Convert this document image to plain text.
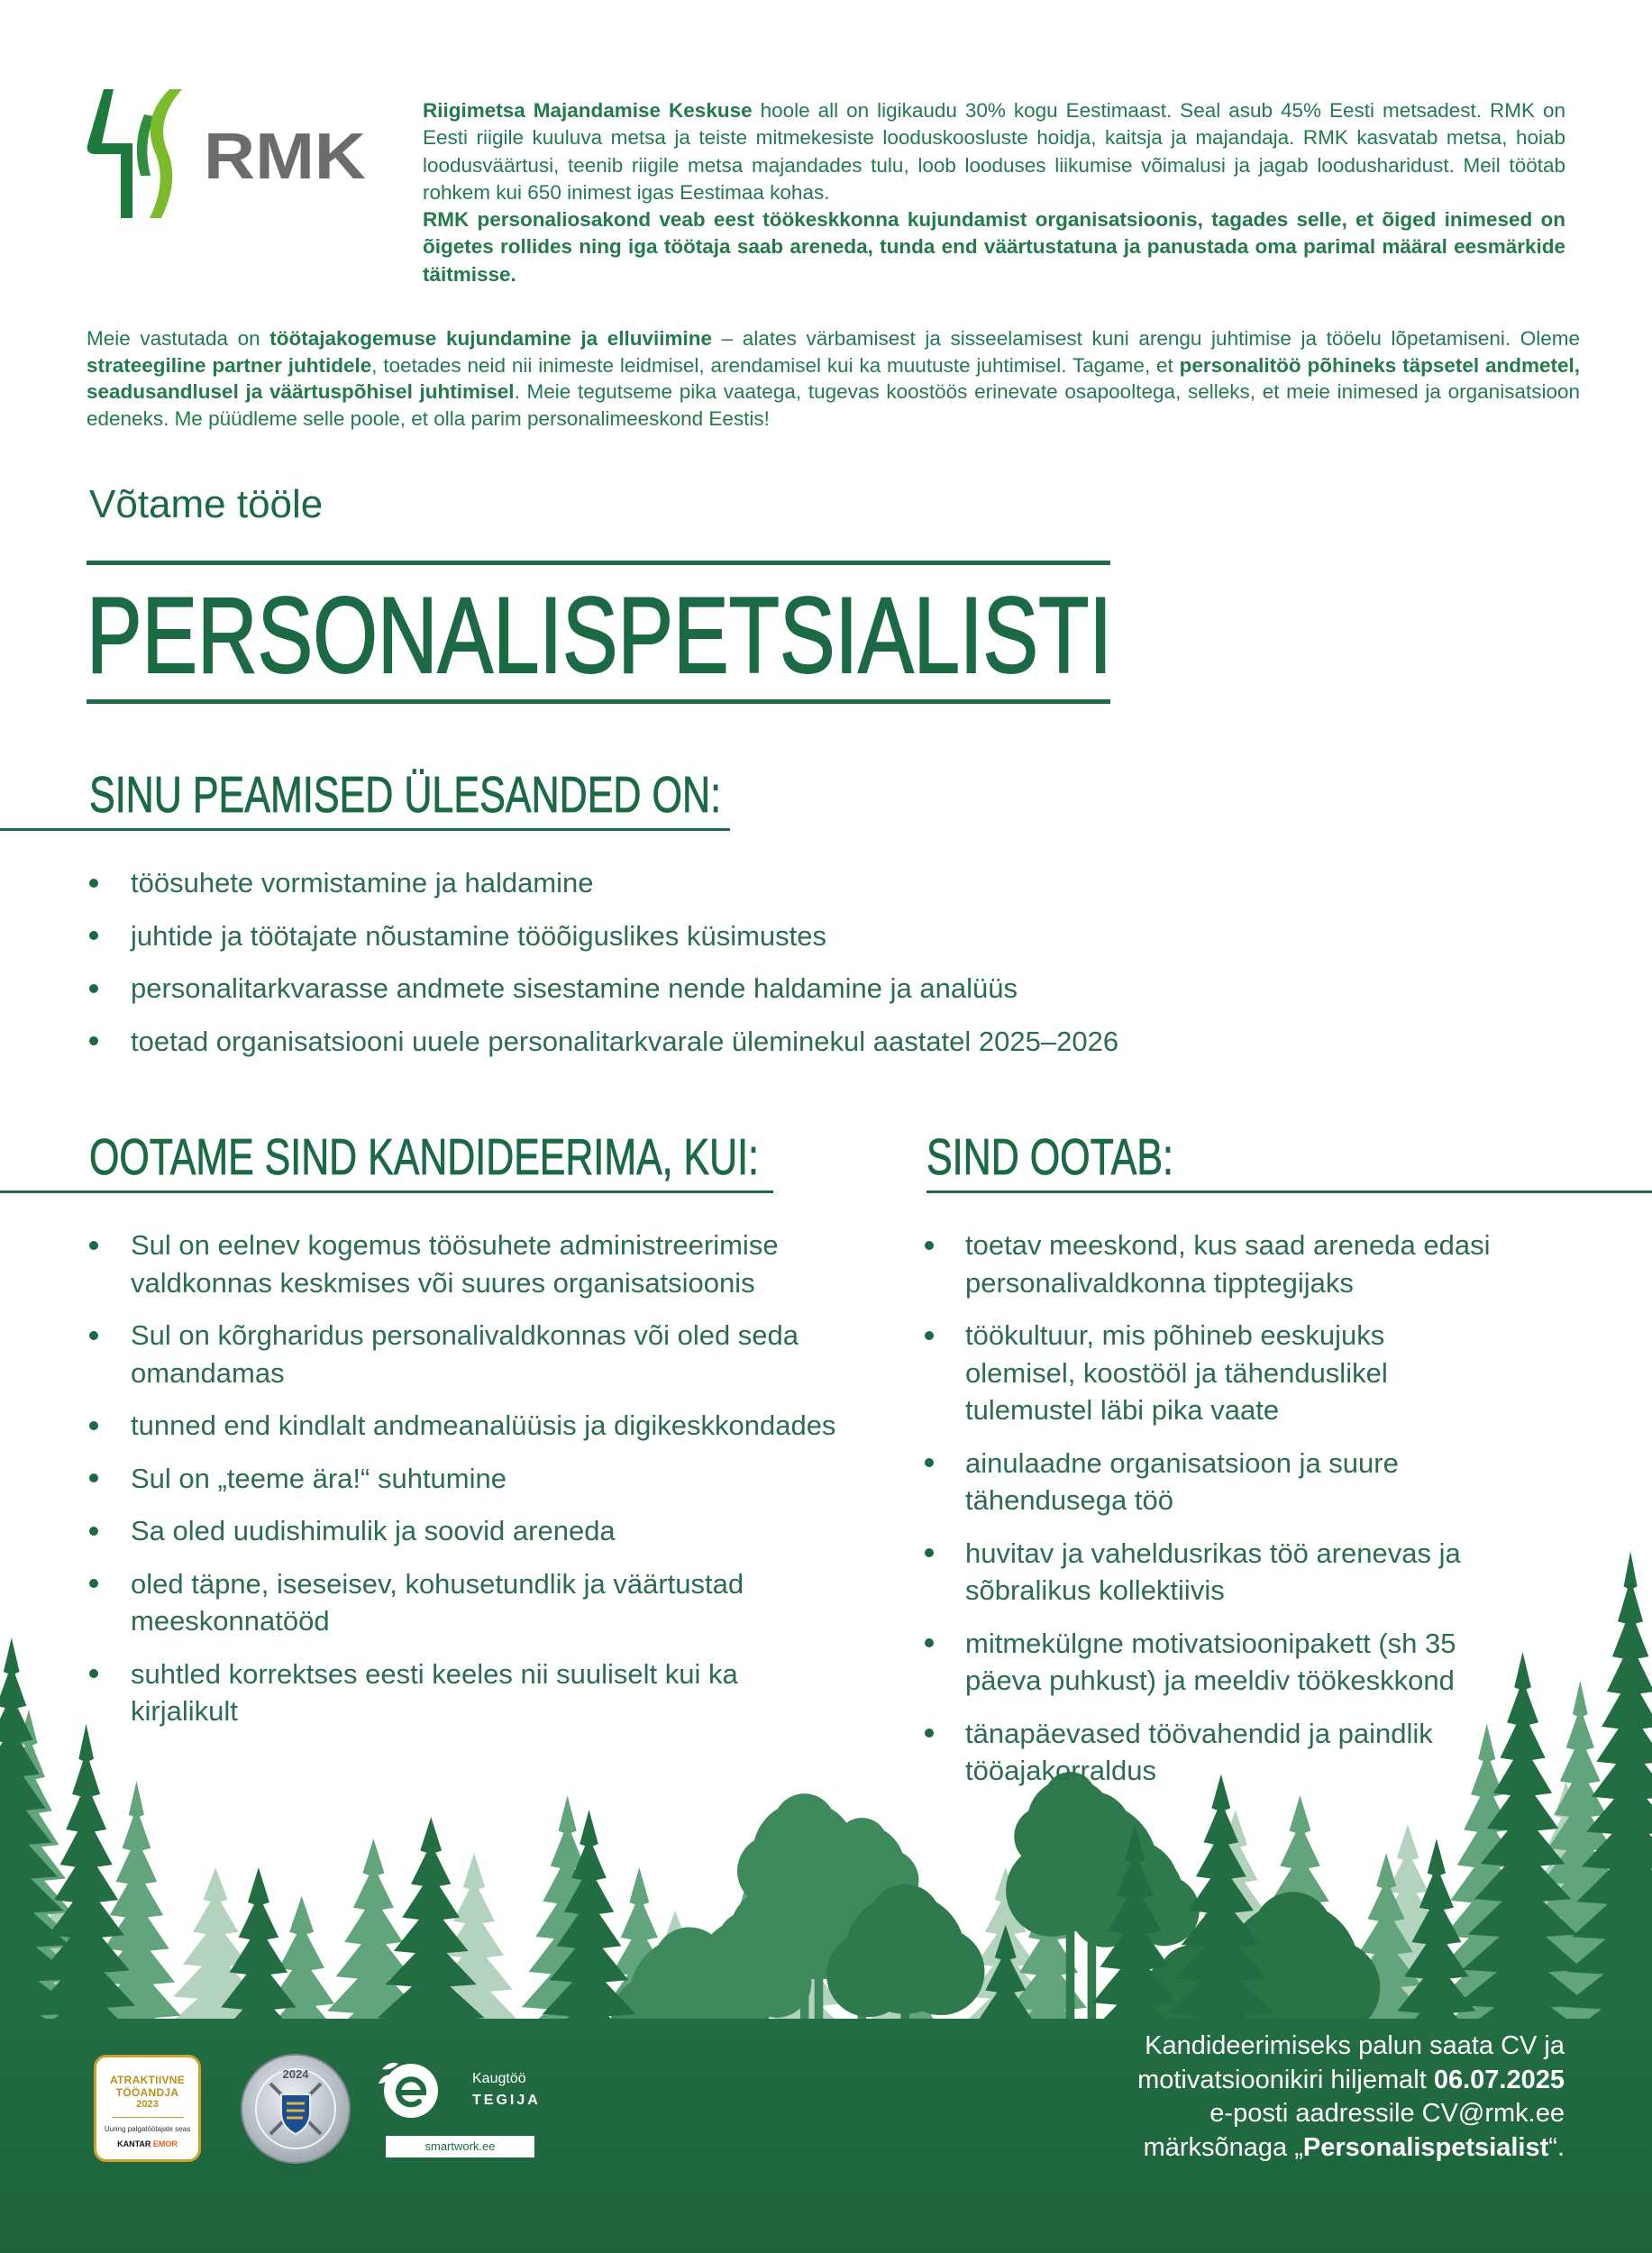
RMK

Riigimetsa Majandamise Keskuse hoole all on ligikaudu 30% kogu Eestimaast. Seal asub 45% Eesti metsadest. RMK on Eesti riigile kuuluva metsa ja teiste mitmekesiste looduskoosluste hoidja, kaitsja ja majandaja. RMK kasvatab metsa, hoiab loodusväärtusi, teenib riigile metsa majandades tulu, loob looduses liikumise võimalusi ja jagab loodusharidust. Meil töötab rohkem kui 650 inimest igas Eestimaa kohas.

RMK personaliosakond veab eest töökeskkonna kujundamist organisatsioonis, tagades selle, et õiged inimesed on õigetes rollides ning iga töötaja saab areneda, tunda end väärtustatuna ja panustada oma parimal määral eesmärkide täitmisse.

Meie vastutada on töötajakogemuse kujundamine ja elluviimine – alates värbamisest ja sisseelamisest kuni arengu juhtimise ja tööelu lõpetamiseni. Oleme strateegiline partner juhtidele, toetades neid nii inimeste leidmisel, arendamisel kui ka muutuste juhtimisel. Tagame, et personalitöö põhineks täpsetel andmetel, seadusandlusel ja väärtuspõhisel juhtimisel. Meie tegutseme pika vaatega, tugevas koostöös erinevate osapooltega, selleks, et meie inimesed ja organisatsioon edeneks. Me püüdleme selle poole, et olla parim personalimeeskond Eestis!

Võtame tööle
PERSONALISPETSIALISTI
SINU PEAMISED ÜLESANDED ON:
töösuhete vormistamine ja haldamine
juhtide ja töötajate nõustamine tööõiguslikes küsimustes
personalitarkvarasse andmete sisestamine nende haldamine ja analüüs
toetad organisatsiooni uuele personalitarkvarale üleminekul aastatel 2025–2026
OOTAME SIND KANDIDEERIMA, KUI:
Sul on eelnev kogemus töösuhete administreerimise
valdkonnas keskmises või suures organisatsioonis
Sul on kõrgharidus personalivaldkonnas või oled seda
omandamas
tunned end kindlalt andmeanalüüsis ja digikeskkondades
Sul on „teeme ära!“ suhtumine
Sa oled uudishimulik ja soovid areneda
oled täpne, iseseisev, kohusetundlik ja väärtustad
meeskonnatööd
suhtled korrektses eesti keeles nii suuliselt kui ka
kirjalikult
SIND OOTAB:
toetav meeskond, kus saad areneda edasi
personalivaldkonna tipptegijaks
töökultuur, mis põhineb eeskujuks
olemisel, koostööl ja tähenduslikel
tulemustel läbi pika vaate
ainulaadne organisatsioon ja suure
tähendusega töö
huvitav ja vaheldusrikas töö arenevas ja
sõbralikus kollektiivis
mitmekülgne motivatsioonipakett (sh 35
päeva puhkust) ja meeldiv töökeskkond
tänapäevased töövahendid ja paindlik
tööajakorraldus
Kandideerimiseks palun saata CV ja
motivatsioonikiri hiljemalt 06.07.2025
e-posti aadressile CV@rmk.ee
märksõnaga „Personalispetsialist“.
ATRAKTIIVNE
TÖÖANDJA
2023
Uuring palgatöötajate seas
KANTAR EMOR
2024	Kaugtöö
TEGIJA
smartwork.ee
